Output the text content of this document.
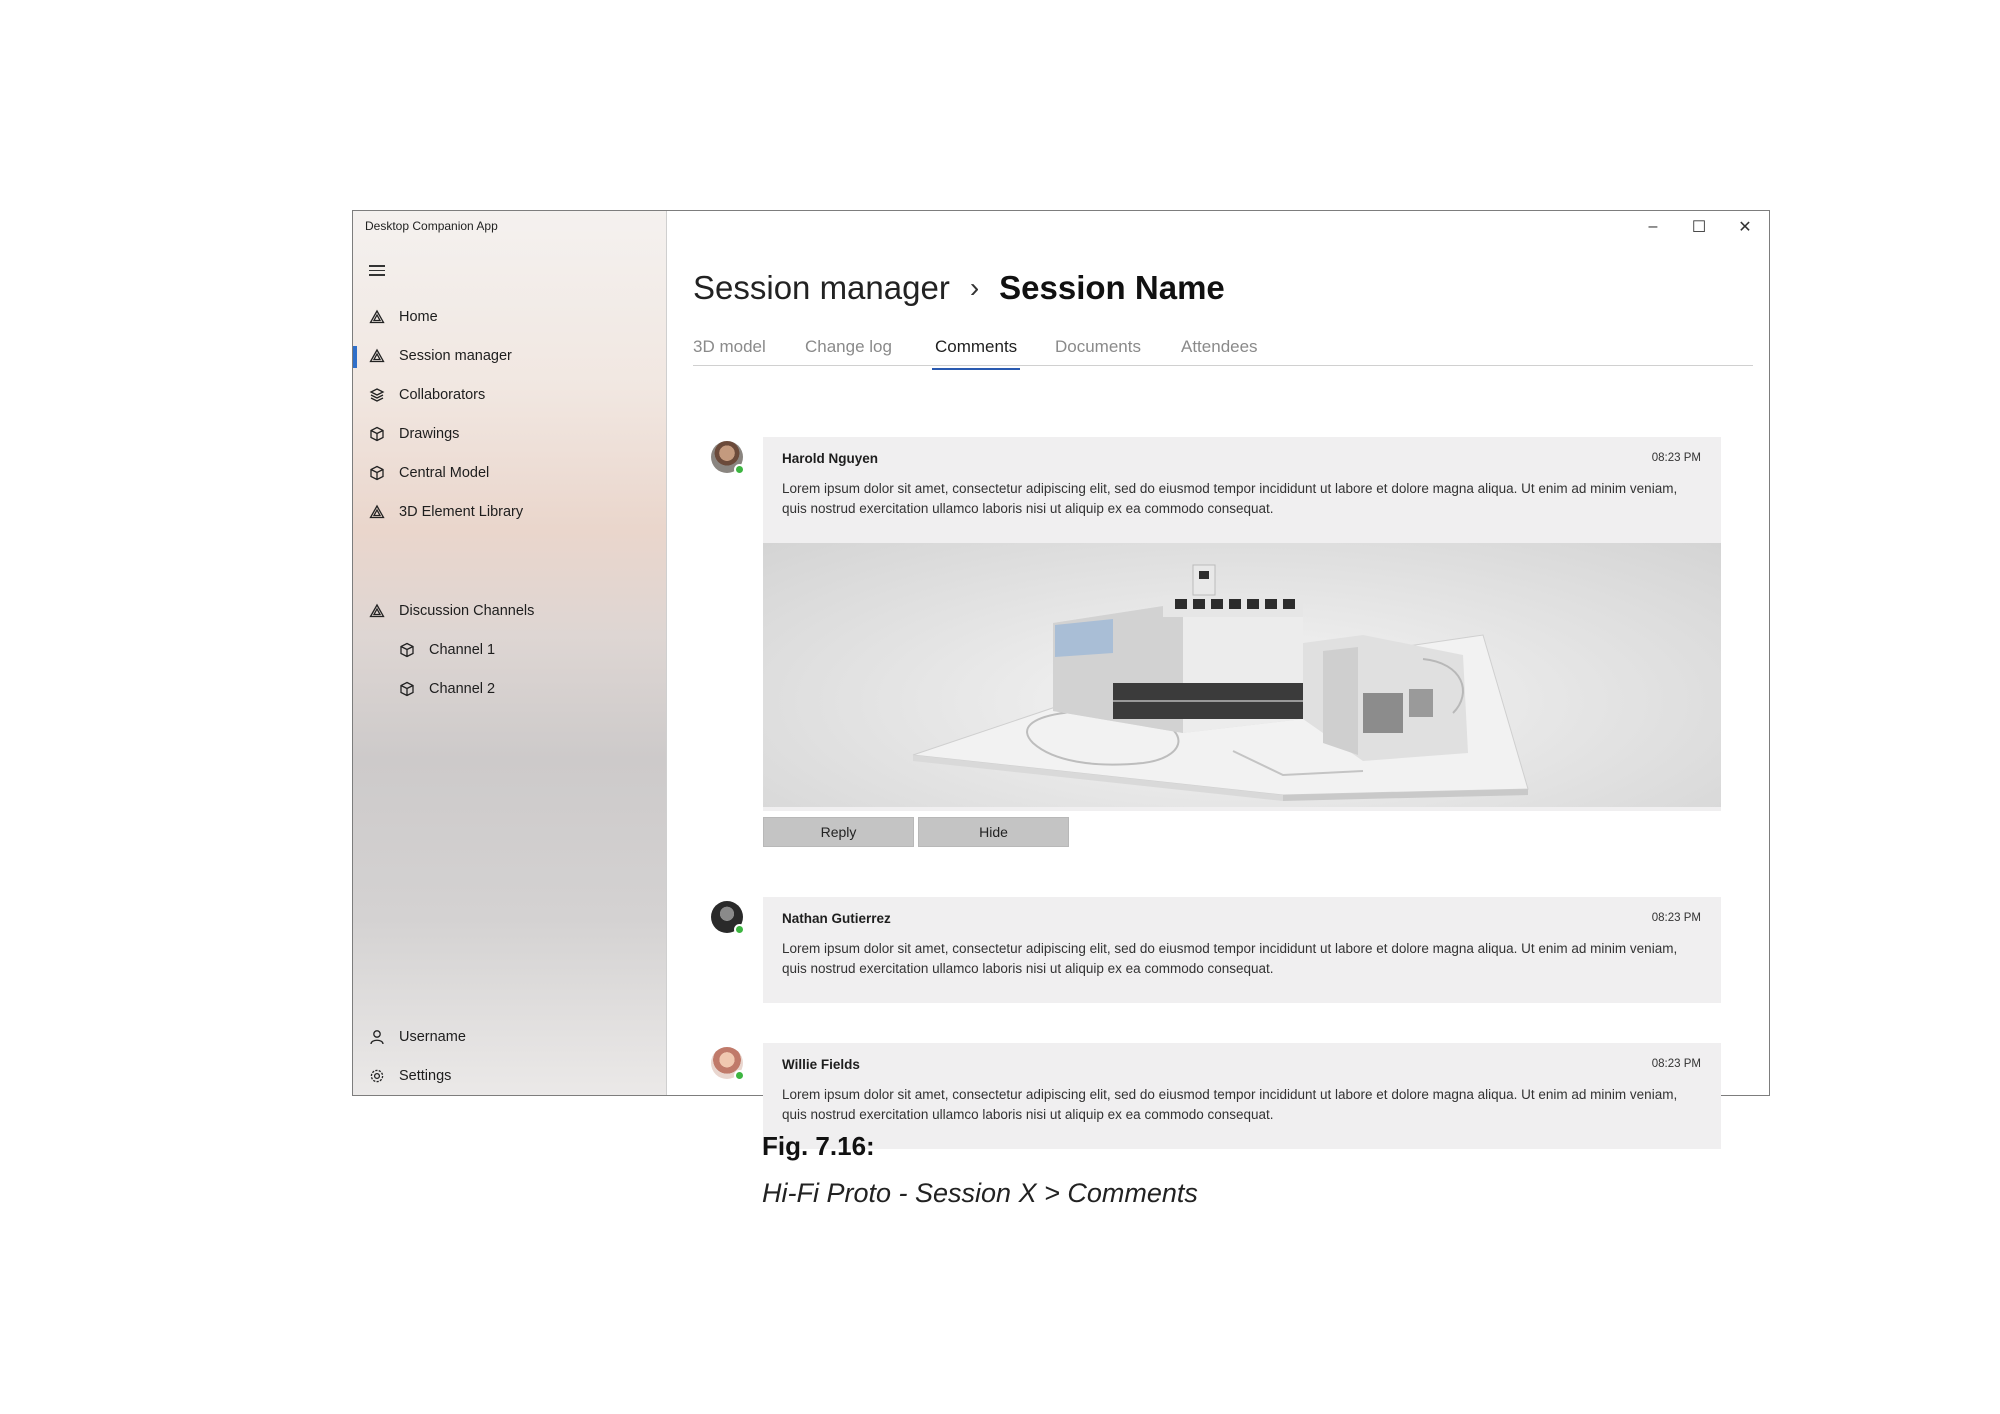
Desktop Companion App
Home
Session manager
Collaborators
Drawings
Central Model
3D Element Library
Discussion Channels
Channel 1
Channel 2
Username
Settings
–	☐	✕
Session manager › Session Name
3D model Change log	Comments Documents Attendees
Harold Nguyen	08:23 PM
Lorem ipsum dolor sit amet, consectetur adipiscing elit, sed do eiusmod tempor incididunt ut labore et dolore magna aliqua. Ut enim ad minim veniam, quis nostrud exercitation ullamco laboris nisi ut aliquip ex ea commodo consequat.
Reply	Hide
Nathan Gutierrez	08:23 PM
Lorem ipsum dolor sit amet, consectetur adipiscing elit, sed do eiusmod tempor incididunt ut labore et dolore magna aliqua. Ut enim ad minim veniam, quis nostrud exercitation ullamco laboris nisi ut aliquip ex ea commodo consequat.
Willie Fields	08:23 PM
Lorem ipsum dolor sit amet, consectetur adipiscing elit, sed do eiusmod tempor incididunt ut labore et dolore magna aliqua. Ut enim ad minim veniam, quis nostrud exercitation ullamco laboris nisi ut aliquip ex ea commodo consequat.
Fig. 7.16:
Hi-Fi Proto - Session X > Comments
